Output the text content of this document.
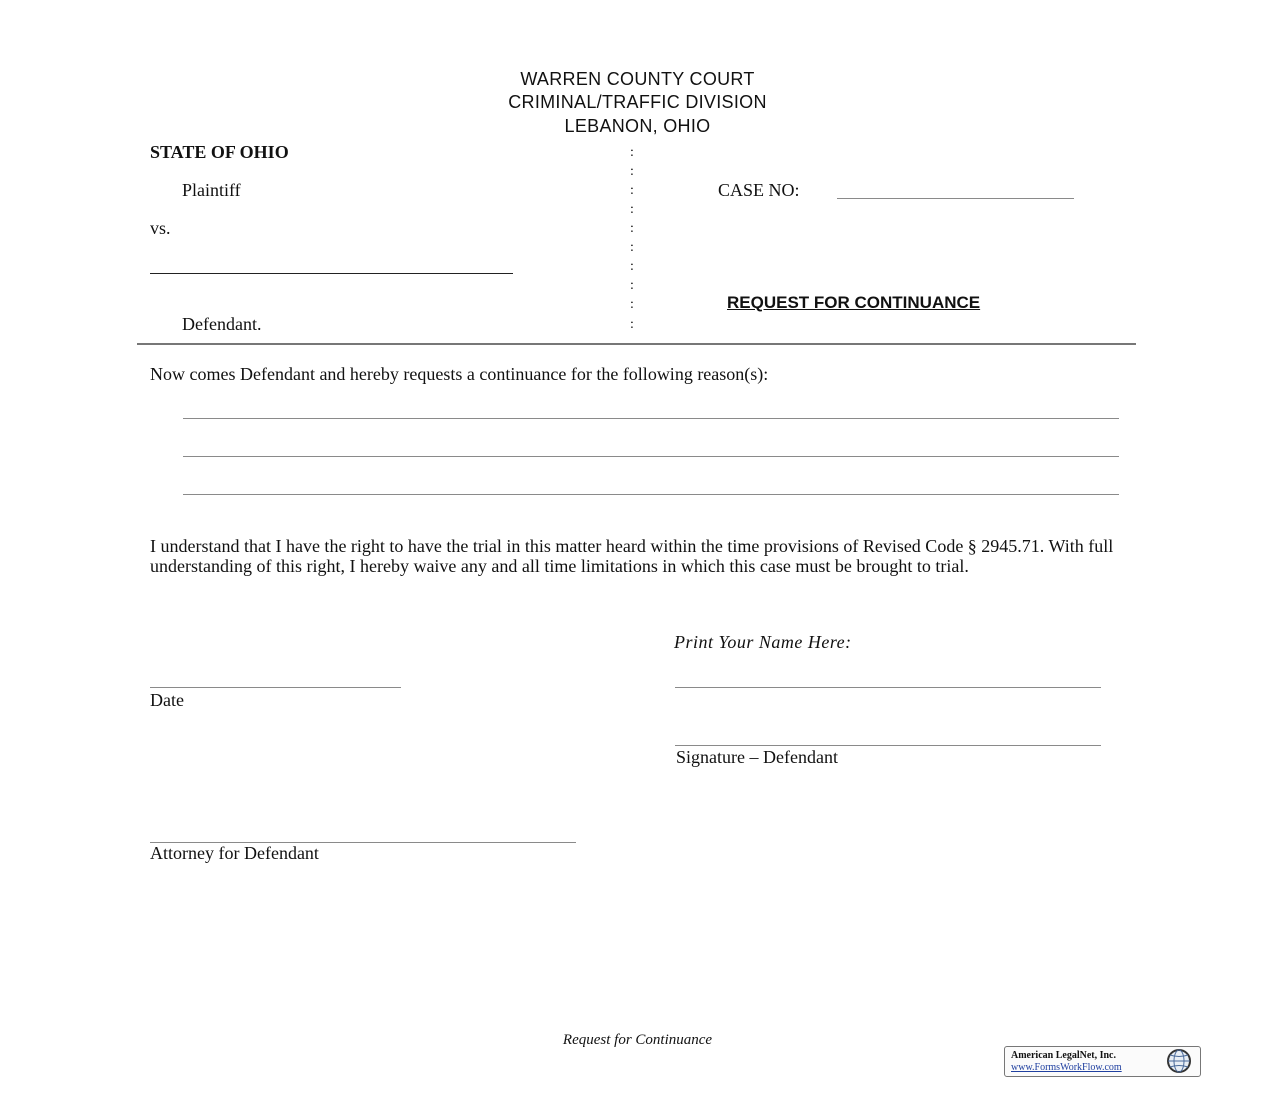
WARREN COUNTY COURT
CRIMINAL/TRAFFIC DIVISION
LEBANON, OHIO
STATE OF OHIO
Plaintiff
vs.
Defendant.
:
:
:
:
:
:
:
:
:
:
CASE NO:
REQUEST FOR CONTINUANCE
Now comes Defendant and hereby requests a continuance for the following reason(s):
I understand that I have the right to have the trial in this matter heard within the time provisions of Revised Code § 2945.71. With full understanding of this right, I hereby waive any and all time limitations in which this case must be brought to trial.
Print Your Name Here:
Date
Signature – Defendant
Attorney for Defendant
Request for Continuance
American LegalNet, Inc.
www.FormsWorkFlow.com
